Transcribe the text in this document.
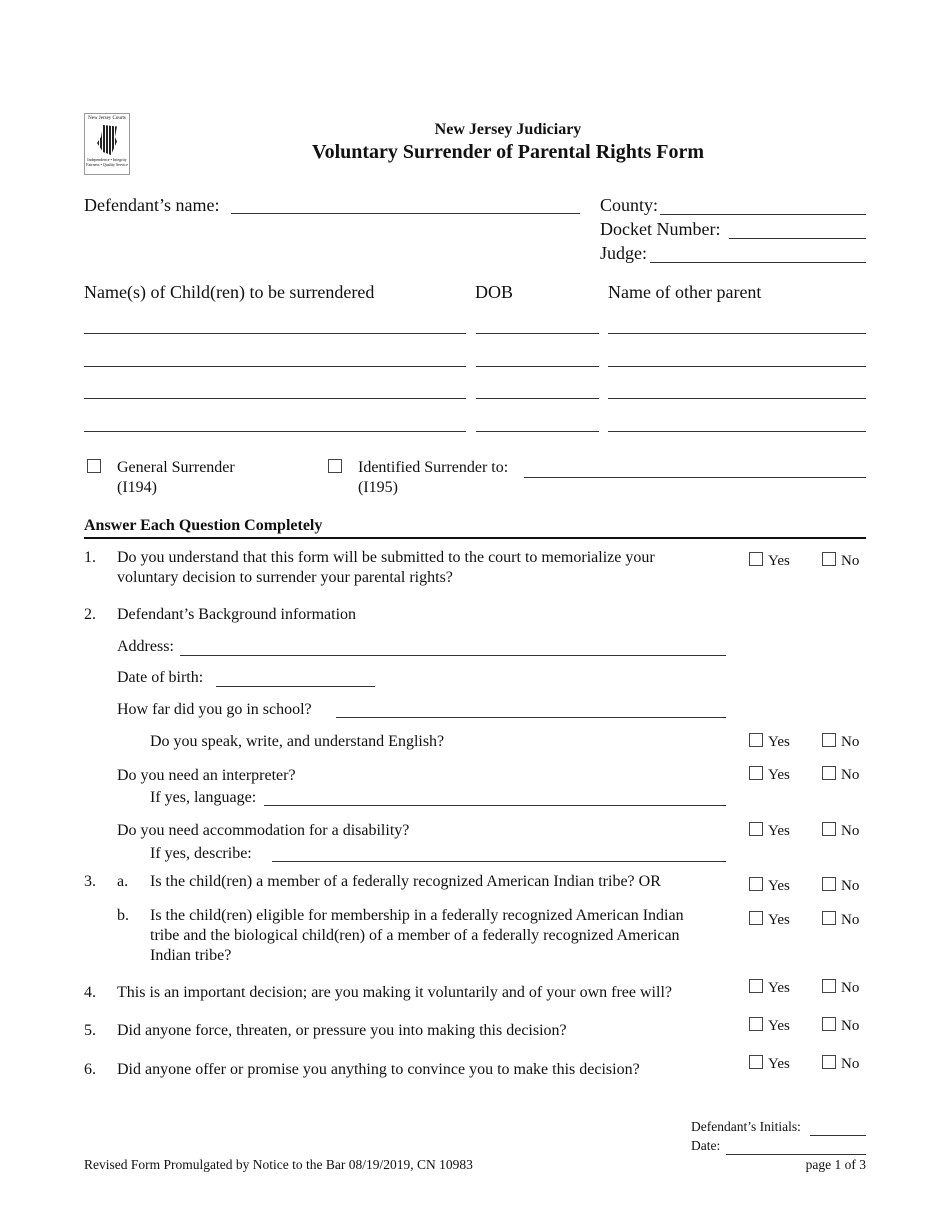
New Jersey Courts
Independence • Integrity Fairness • Quality Service
New Jersey Judiciary
Voluntary Surrender of Parental Rights Form
Defendant’s name:	County:
Docket Number:
Judge:
Name(s) of Child(ren) to be surrendered	DOB	Name of other parent
General Surrender
(I194)
Identified Surrender to:
(I195)
Answer Each Question Completely
1. Do you understand that this form will be submitted to the court to memorialize your
voluntary decision to surrender your parental rights?
Yes	No
2. Defendant’s Background information
Address:
Date of birth:
How far did you go in school?
Do you speak, write, and understand English?	Yes	No
Do you need an interpreter?	Yes	No
If yes, language:
Do you need accommodation for a disability?	Yes	No
If yes, describe:
3. a. Is the child(ren) a member of a federally recognized American Indian tribe? OR	Yes	No
b. Is the child(ren) eligible for membership in a federally recognized American Indian
tribe and the biological child(ren) of a member of a federally recognized American
Indian tribe?
Yes	No
4. This is an important decision; are you making it voluntarily and of your own free will?	Yes	No
5. Did anyone force, threaten, or pressure you into making this decision?	Yes	No
6. Did anyone offer or promise you anything to convince you to make this decision?	Yes	No
Defendant’s Initials:
Date:
Revised Form Promulgated by Notice to the Bar 08/19/2019, CN 10983	page 1 of 3
